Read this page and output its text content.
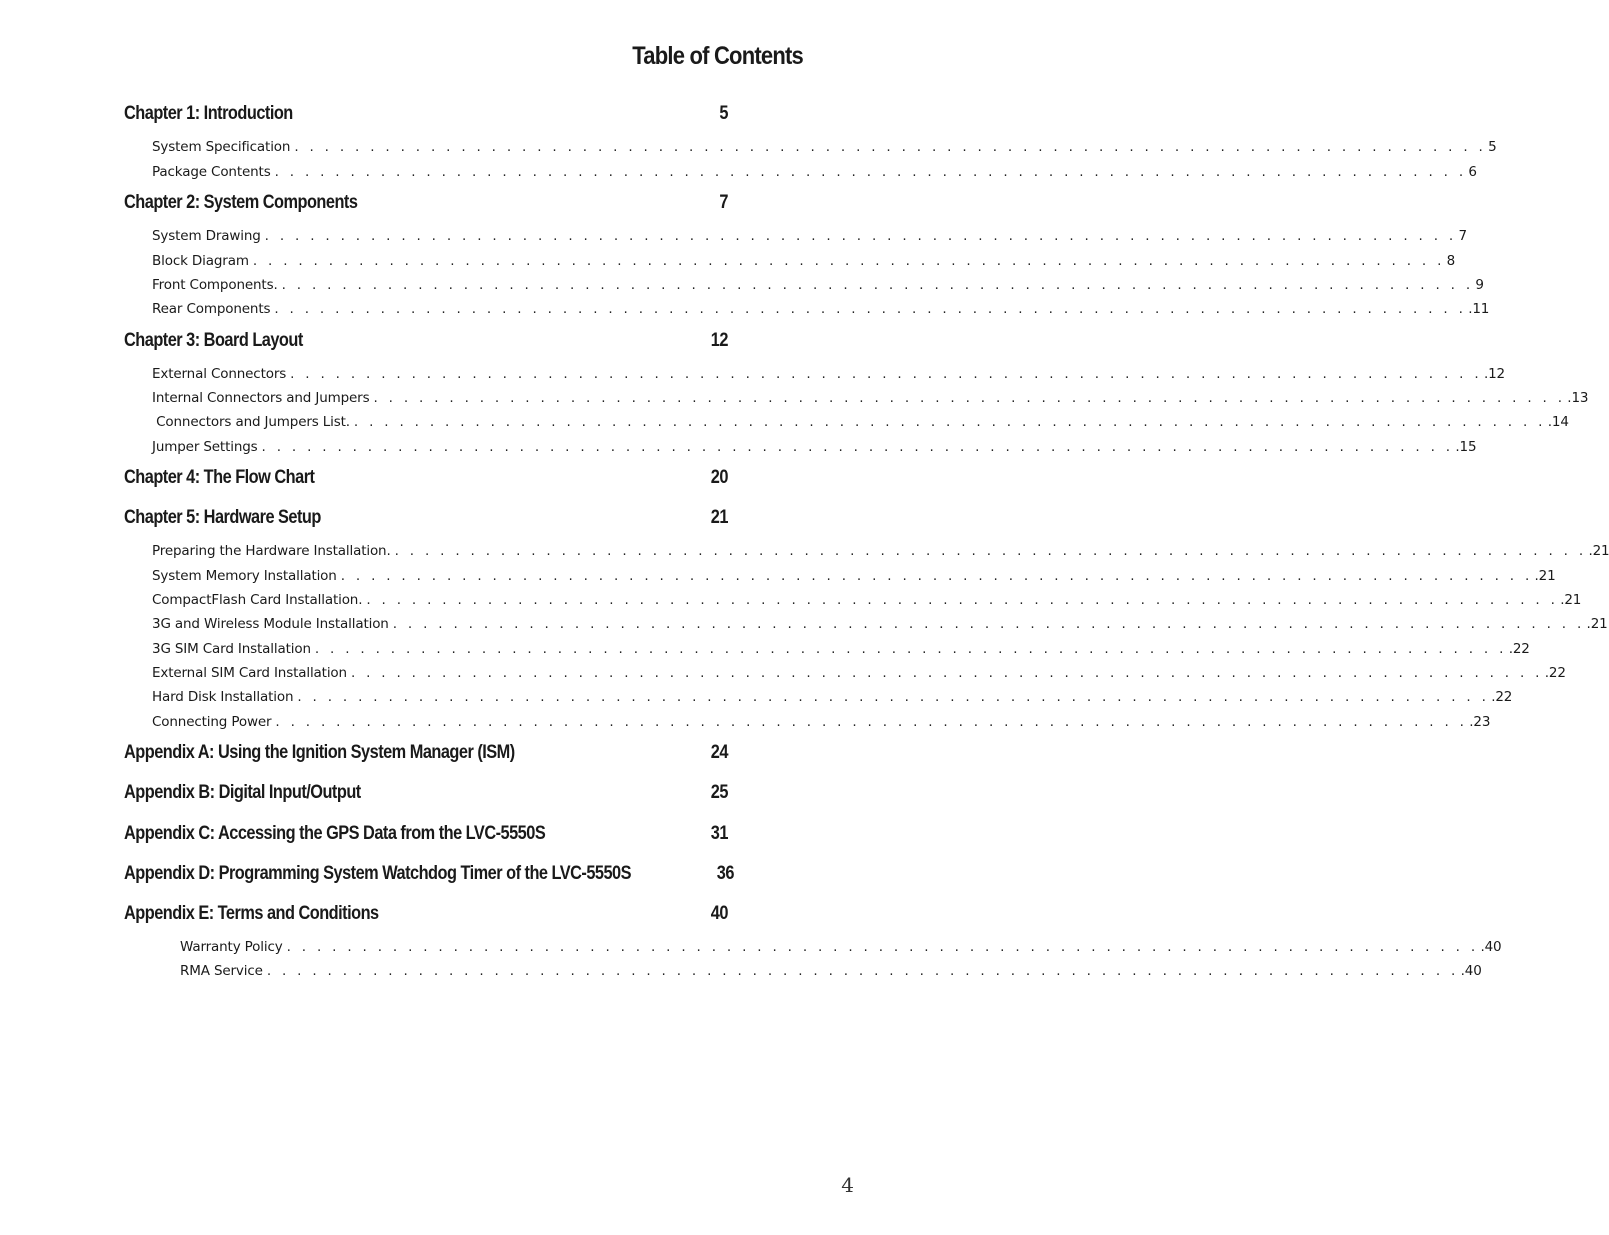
Table of Contents
Chapter 1: Introduction	5
System Specification . . . . . . . . . . . . . . . . . . . . . . . . . . . . . . . . . . . . . . . . . . . . . . . . . . . . . . . . . . . . . . . . . . . . . . . . . . . . . . . 5
Package Contents . . . . . . . . . . . . . . . . . . . . . . . . . . . . . . . . . . . . . . . . . . . . . . . . . . . . . . . . . . . . . . . . . . . . . . . . . . . . . . . 6
Chapter 2: System Components	7
System Drawing . . . . . . . . . . . . . . . . . . . . . . . . . . . . . . . . . . . . . . . . . . . . . . . . . . . . . . . . . . . . . . . . . . . . . . . . . . . . . . . 7
Block Diagram . . . . . . . . . . . . . . . . . . . . . . . . . . . . . . . . . . . . . . . . . . . . . . . . . . . . . . . . . . . . . . . . . . . . . . . . . . . . . . . 8
Front Components. . . . . . . . . . . . . . . . . . . . . . . . . . . . . . . . . . . . . . . . . . . . . . . . . . . . . . . . . . . . . . . . . . . . . . . . . . . . . . . . 9
Rear Components . . . . . . . . . . . . . . . . . . . . . . . . . . . . . . . . . . . . . . . . . . . . . . . . . . . . . . . . . . . . . . . . . . . . . . . . . . . . . . . .11
Chapter 3: Board Layout	12
External Connectors . . . . . . . . . . . . . . . . . . . . . . . . . . . . . . . . . . . . . . . . . . . . . . . . . . . . . . . . . . . . . . . . . . . . . . . . . . . . . . . .12
Internal Connectors and Jumpers . . . . . . . . . . . . . . . . . . . . . . . . . . . . . . . . . . . . . . . . . . . . . . . . . . . . . . . . . . . . . . . . . . . . . . . . . . . . . . . .13
Connectors and Jumpers List. . . . . . . . . . . . . . . . . . . . . . . . . . . . . . . . . . . . . . . . . . . . . . . . . . . . . . . . . . . . . . . . . . . . . . . . . . . . . . . . .14
Jumper Settings . . . . . . . . . . . . . . . . . . . . . . . . . . . . . . . . . . . . . . . . . . . . . . . . . . . . . . . . . . . . . . . . . . . . . . . . . . . . . . . .15
Chapter 4: The Flow Chart	20
Chapter 5: Hardware Setup	21
Preparing the Hardware Installation. . . . . . . . . . . . . . . . . . . . . . . . . . . . . . . . . . . . . . . . . . . . . . . . . . . . . . . . . . . . . . . . . . . . . . . . . . . . . . . . .21
System Memory Installation . . . . . . . . . . . . . . . . . . . . . . . . . . . . . . . . . . . . . . . . . . . . . . . . . . . . . . . . . . . . . . . . . . . . . . . . . . . . . . . .21
CompactFlash Card Installation. . . . . . . . . . . . . . . . . . . . . . . . . . . . . . . . . . . . . . . . . . . . . . . . . . . . . . . . . . . . . . . . . . . . . . . . . . . . . . . . .21
3G and Wireless Module Installation . . . . . . . . . . . . . . . . . . . . . . . . . . . . . . . . . . . . . . . . . . . . . . . . . . . . . . . . . . . . . . . . . . . . . . . . . . . . . . . .21
3G SIM Card Installation . . . . . . . . . . . . . . . . . . . . . . . . . . . . . . . . . . . . . . . . . . . . . . . . . . . . . . . . . . . . . . . . . . . . . . . . . . . . . . . .22
External SIM Card Installation . . . . . . . . . . . . . . . . . . . . . . . . . . . . . . . . . . . . . . . . . . . . . . . . . . . . . . . . . . . . . . . . . . . . . . . . . . . . . . . .22
Hard Disk Installation . . . . . . . . . . . . . . . . . . . . . . . . . . . . . . . . . . . . . . . . . . . . . . . . . . . . . . . . . . . . . . . . . . . . . . . . . . . . . . . .22
Connecting Power . . . . . . . . . . . . . . . . . . . . . . . . . . . . . . . . . . . . . . . . . . . . . . . . . . . . . . . . . . . . . . . . . . . . . . . . . . . . . . . .23
Appendix A: Using the Ignition System Manager (ISM)	24
Appendix B: Digital Input/Output	25
Appendix C: Accessing the GPS Data from the LVC-5550S	31
Appendix D: Programming System Watchdog Timer of the LVC-5550S	36
Appendix E: Terms and Conditions	40
Warranty Policy . . . . . . . . . . . . . . . . . . . . . . . . . . . . . . . . . . . . . . . . . . . . . . . . . . . . . . . . . . . . . . . . . . . . . . . . . . . . . . . .40
RMA Service . . . . . . . . . . . . . . . . . . . . . . . . . . . . . . . . . . . . . . . . . . . . . . . . . . . . . . . . . . . . . . . . . . . . . . . . . . . . . . . .40
4
